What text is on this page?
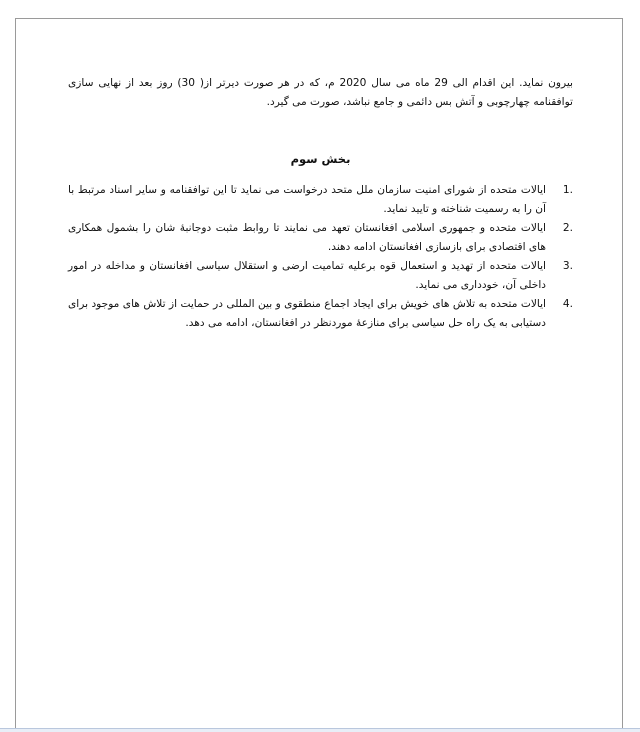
بیرون نماید. این اقدام الی 29 ماه می سال 2020 م، که در هر صورت دیرتر از( 30) روز بعد از نهایی سازی توافقنامه چهارچوبی و آتش بس دائمی و جامع نباشد، صورت می گیرد.

بخش سوم
1.
ایالات متحده از شورای امنیت سازمان ملل متحد درخواست می نماید تا این توافقنامه و سایر اسناد مرتبط با آن را به رسمیت شناخته و تایید نماید.
2.
ایالات متحده و جمهوری اسلامی افغانستان تعهد می نمایند تا روابط مثبت دوجانبهٔ شان را بشمول همکاری های اقتصادی برای بازسازی افغانستان ادامه دهند.
3.
ایالات متحده از تهدید و استعمال قوه برعلیه تمامیت ارضی و استقلال سیاسی افغانستان و مداخله در امور داخلی آن، خودداری می نماید.
4.
ایالات متحده به تلاش های خویش برای ایجاد اجماع منطقوی و بین المللی در حمایت از تلاش های موجود برای دستیابی به یک راه حل سیاسی برای منازعهٔ موردنظر در افغانستان، ادامه می دهد.
